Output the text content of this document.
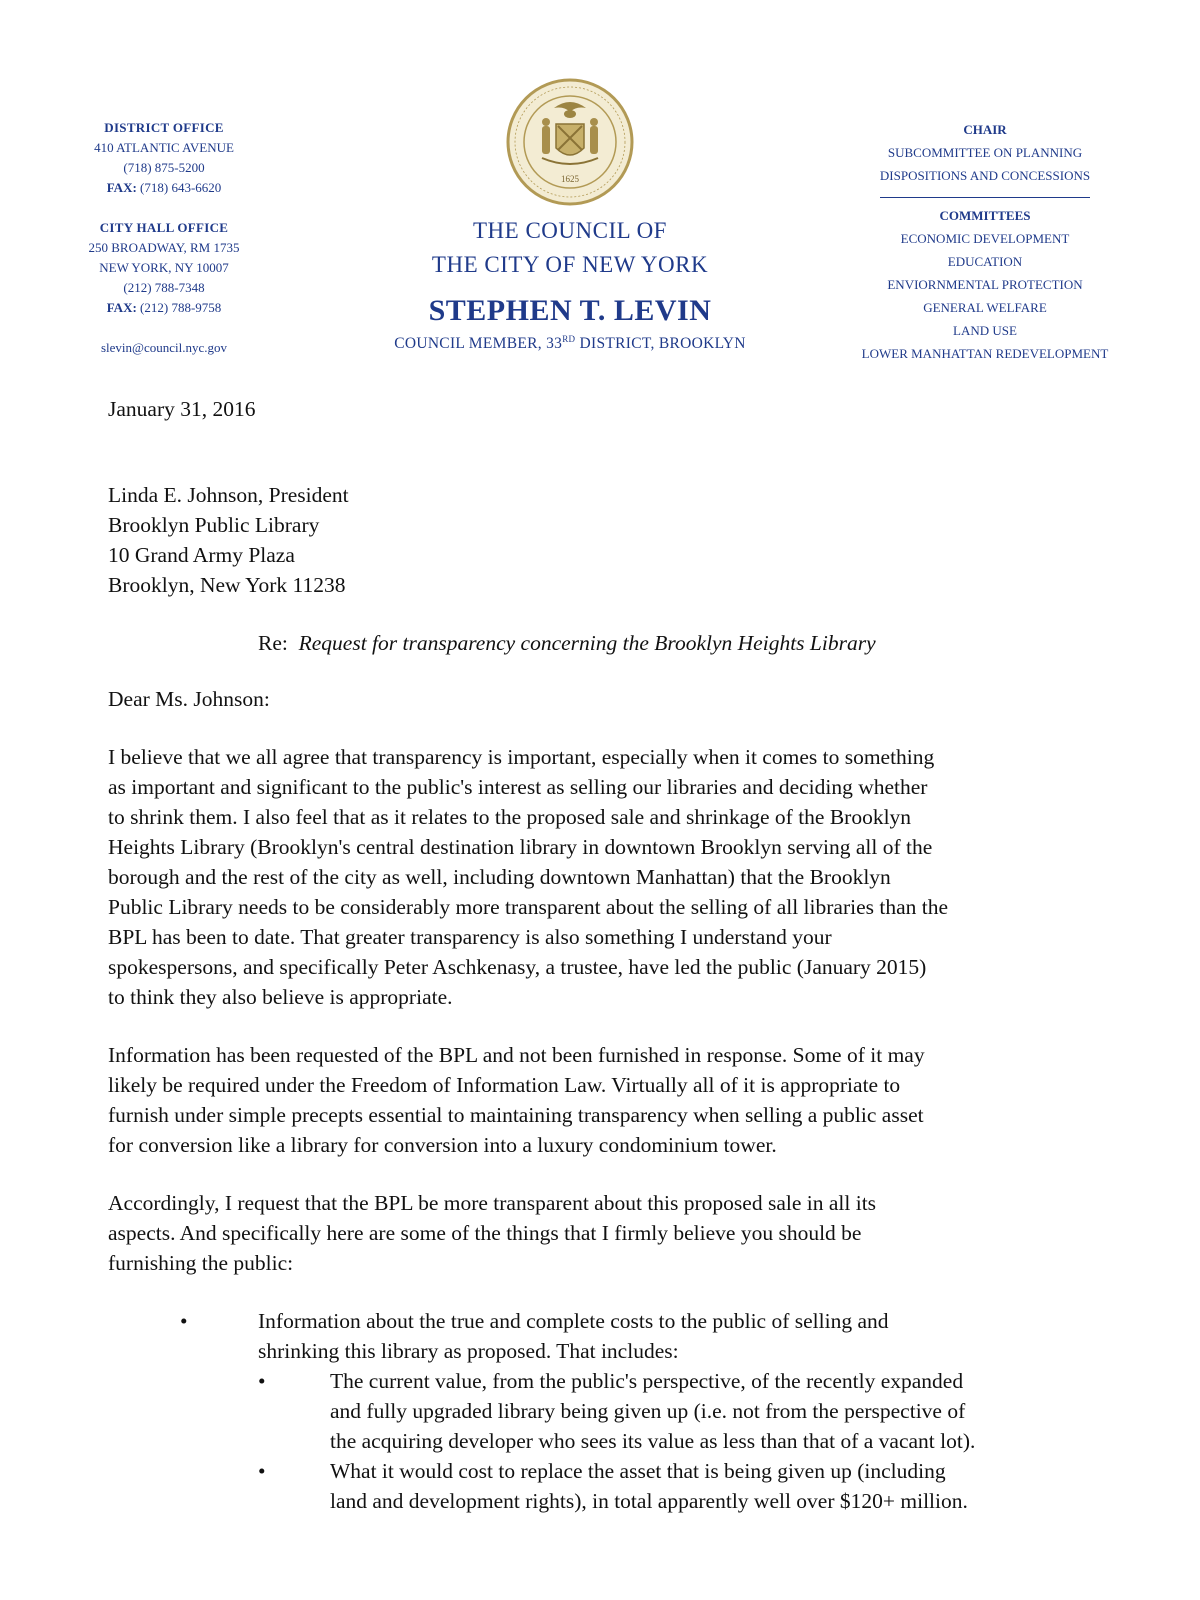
DISTRICT OFFICE
410 ATLANTIC AVENUE
(718) 875-5200
FAX: (718) 643-6620
CITY HALL OFFICE
250 BROADWAY, RM 1735
NEW YORK, NY 10007
(212) 788-7348
FAX: (212) 788-9758
slevin@council.nyc.gov
1625
THE COUNCIL OF
THE CITY OF NEW YORK
STEPHEN T. LEVIN
COUNCIL MEMBER, 33RD DISTRICT, BROOKLYN
CHAIR
SUBCOMMITTEE ON PLANNING
DISPOSITIONS AND CONCESSIONS
COMMITTEES
ECONOMIC DEVELOPMENT
EDUCATION
ENVIORNMENTAL PROTECTION
GENERAL WELFARE
LAND USE
LOWER MANHATTAN REDEVELOPMENT
January 31, 2016
Linda E. Johnson, President
Brooklyn Public Library
10 Grand Army Plaza
Brooklyn, New York 11238
Re: Request for transparency concerning the Brooklyn Heights Library
Dear Ms. Johnson:
I believe that we all agree that transparency is important, especially when it comes to something
as important and significant to the public's interest as selling our libraries and deciding whether
to shrink them. I also feel that as it relates to the proposed sale and shrinkage of the Brooklyn
Heights Library (Brooklyn's central destination library in downtown Brooklyn serving all of the
borough and the rest of the city as well, including downtown Manhattan) that the Brooklyn
Public Library needs to be considerably more transparent about the selling of all libraries than the
BPL has been to date. That greater transparency is also something I understand your
spokespersons, and specifically Peter Aschkenasy, a trustee, have led the public (January 2015)
to think they also believe is appropriate.
Information has been requested of the BPL and not been furnished in response. Some of it may
likely be required under the Freedom of Information Law. Virtually all of it is appropriate to
furnish under simple precepts essential to maintaining transparency when selling a public asset
for conversion like a library for conversion into a luxury condominium tower.
Accordingly, I request that the BPL be more transparent about this proposed sale in all its
aspects. And specifically here are some of the things that I firmly believe you should be
furnishing the public:
•	Information about the true and complete costs to the public of selling and
shrinking this library as proposed. That includes:
•	The current value, from the public's perspective, of the recently expanded
and fully upgraded library being given up (i.e. not from the perspective of
the acquiring developer who sees its value as less than that of a vacant lot).
•	What it would cost to replace the asset that is being given up (including
land and development rights), in total apparently well over $120+ million.
